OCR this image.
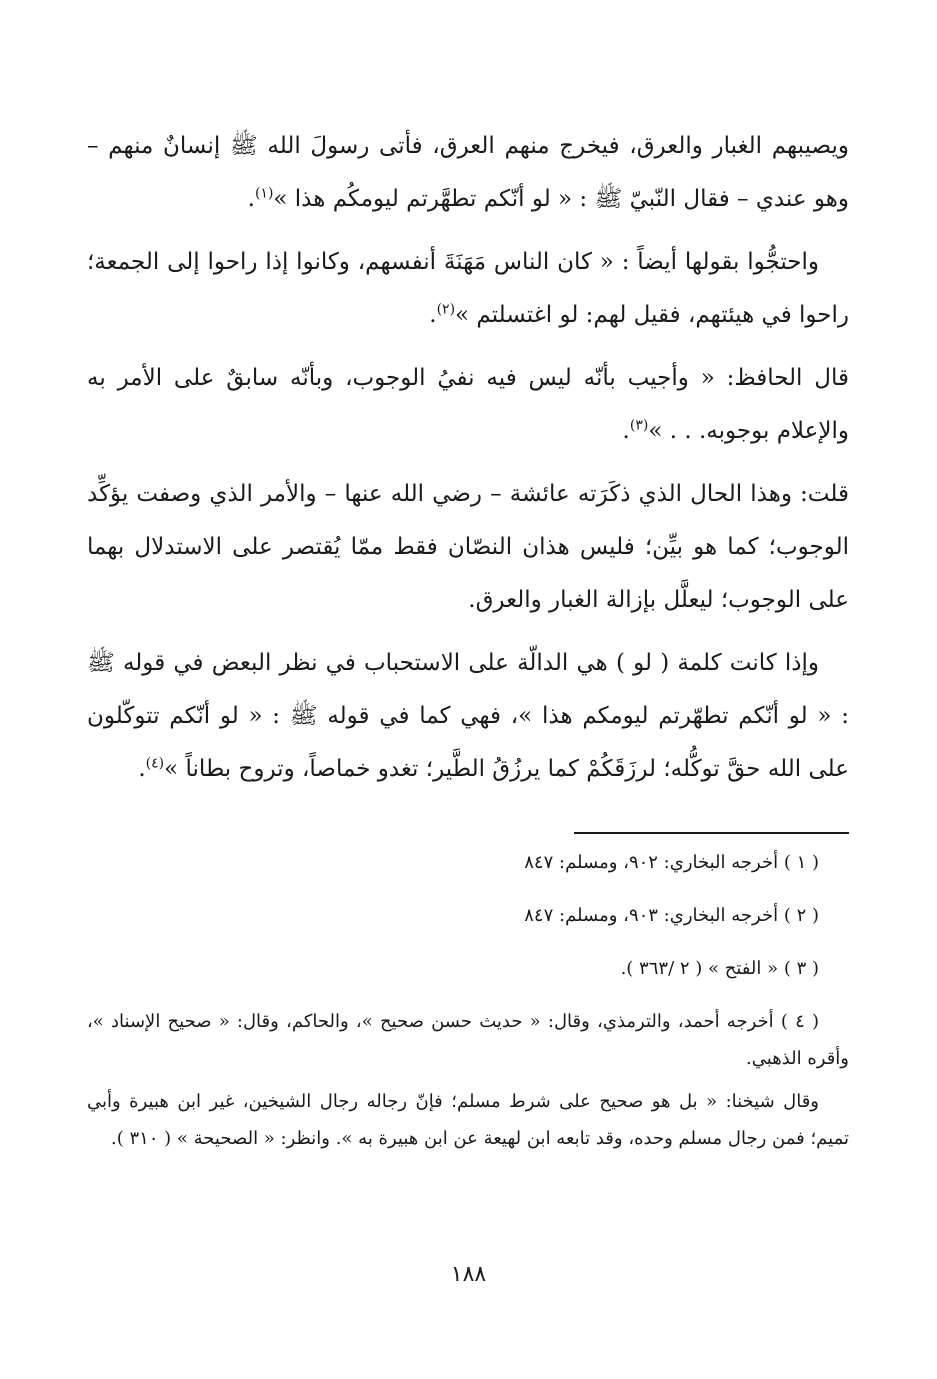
ويصيبهم الغبار والعرق، فيخرج منهم العرق، فأتى رسولَ الله ﷺ إنسانٌ منهم – وهو عندي – فقال النّبيّ ﷺ : « لو أنّكم تطهَّرتم ليومكُم هذا »$^{(١)}$.

واحتجُّوا بقولها أيضاً : « كان الناس مَهَنَةَ أنفسهم، وكانوا إذا راحوا إلى الجمعة؛ راحوا في هيئتهم، فقيل لهم: لو اغتسلتم »$^{(٢)}$.

قال الحافظ: « وأجيب بأنّه ليس فيه نفيُ الوجوب، وبأنّه سابقٌ على الأمر به والإعلام بوجوبه. . . »$^{(٣)}$.

قلت: وهذا الحال الذي ذكَرَته عائشة – رضي الله عنها – والأمر الذي وصفت يؤكِّد الوجوب؛ كما هو بيِّن؛ فليس هذان النصّان فقط ممّا يُقتصر على الاستدلال بهما على الوجوب؛ ليعلَّل بإزالة الغبار والعرق.

وإذا كانت كلمة ( لو ) هي الدالّة على الاستحباب في نظر البعض في قوله ﷺ : « لو أنّكم تطهّرتم ليومكم هذا »، فهي كما في قوله ﷺ : « لو أنّكم تتوكّلون على الله حقَّ توكُّله؛ لرزَقَكُمْ كما يرزُقُ الطَّير؛ تغدو خماصاً، وتروح بطاناً »$^{(٤)}$.

( ١ ) أخرجه البخاري: ٩٠٢، ومسلم: ٨٤٧

( ٢ ) أخرجه البخاري: ٩٠٣، ومسلم: ٨٤٧

( ٣ ) « الفتح » ( ٢ /٣٦٣ ).

( ٤ ) أخرجه أحمد، والترمذي، وقال: « حديث حسن صحيح »، والحاكم، وقال: « صحيح الإسناد »، وأقره الذهبي.

وقال شيخنا: « بل هو صحيح على شرط مسلم؛ فإنّ رجاله رجال الشيخين، غير ابن هبيرة وأبي تميم؛ فمن رجال مسلم وحده، وقد تابعه ابن لهيعة عن ابن هبيرة به ». وانظر: « الصحيحة » ( ٣١٠ ).

١٨٨
